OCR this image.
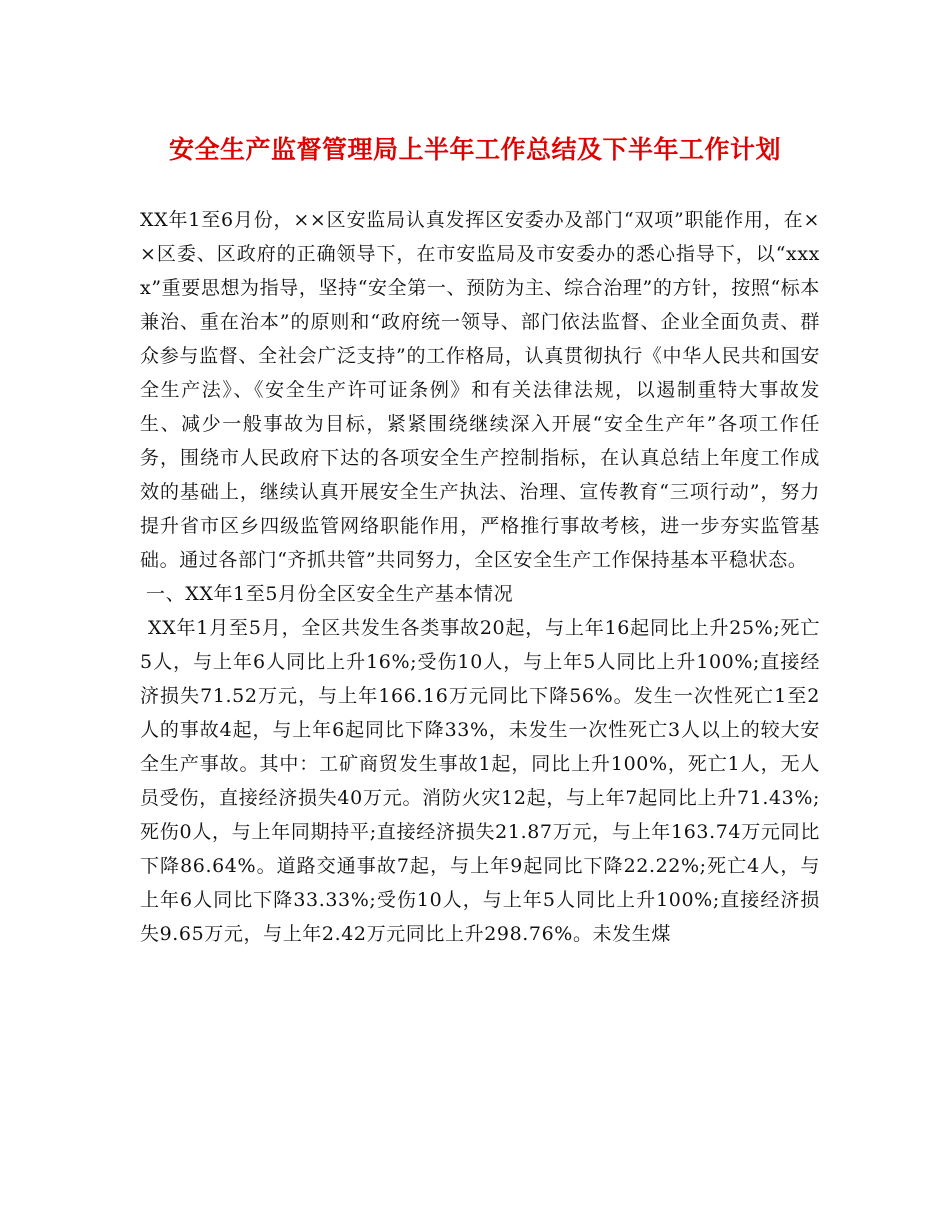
安全生产监督管理局上半年工作总结及下半年工作计划

XX年1至6月份，××区安监局认真发挥区安委办及部门“双项”职能作用，在××区委、区政府的正确领导下，在市安监局及市安委办的悉心指导下，以“xxxx”重要思想为指导，坚持“安全第一、预防为主、综合治理”的方针，按照“标本兼治、重在治本”的原则和“政府统一领导、部门依法监督、企业全面负责、群众参与监督、全社会广泛支持”的工作格局，认真贯彻执行《中华人民共和国安全生产法》、《安全生产许可证条例》和有关法律法规，以遏制重特大事故发生、减少一般事故为目标，紧紧围绕继续深入开展“安全生产年”各项工作任务，围绕市人民政府下达的各项安全生产控制指标，在认真总结上年度工作成效的基础上，继续认真开展安全生产执法、治理、宣传教育“三项行动”，努力提升省市区乡四级监管网络职能作用，严格推行事故考核，进一步夯实监管基础。通过各部门“齐抓共管”共同努力，全区安全生产工作保持基本平稳状态。

一、XX年1至5月份全区安全生产基本情况

XX年1月至5月，全区共发生各类事故20起，与上年16起同比上升25%;死亡5人，与上年6人同比上升16%;受伤10人，与上年5人同比上升100%;直接经济损失71.52万元，与上年166.16万元同比下降56%。发生一次性死亡1至2人的事故4起，与上年6起同比下降33%，未发生一次性死亡3人以上的较大安全生产事故。其中：工矿商贸发生事故1起，同比上升100%，死亡1人，无人员受伤，直接经济损失40万元。消防火灾12起，与上年7起同比上升71.43%;死伤0人，与上年同期持平;直接经济损失21.87万元，与上年163.74万元同比下降86.64%。道路交通事故7起，与上年9起同比下降22.22%;死亡4人，与上年6人同比下降33.33%;受伤10人，与上年5人同比上升100%;直接经济损失9.65万元，与上年2.42万元同比上升298.76%。未发生煤
